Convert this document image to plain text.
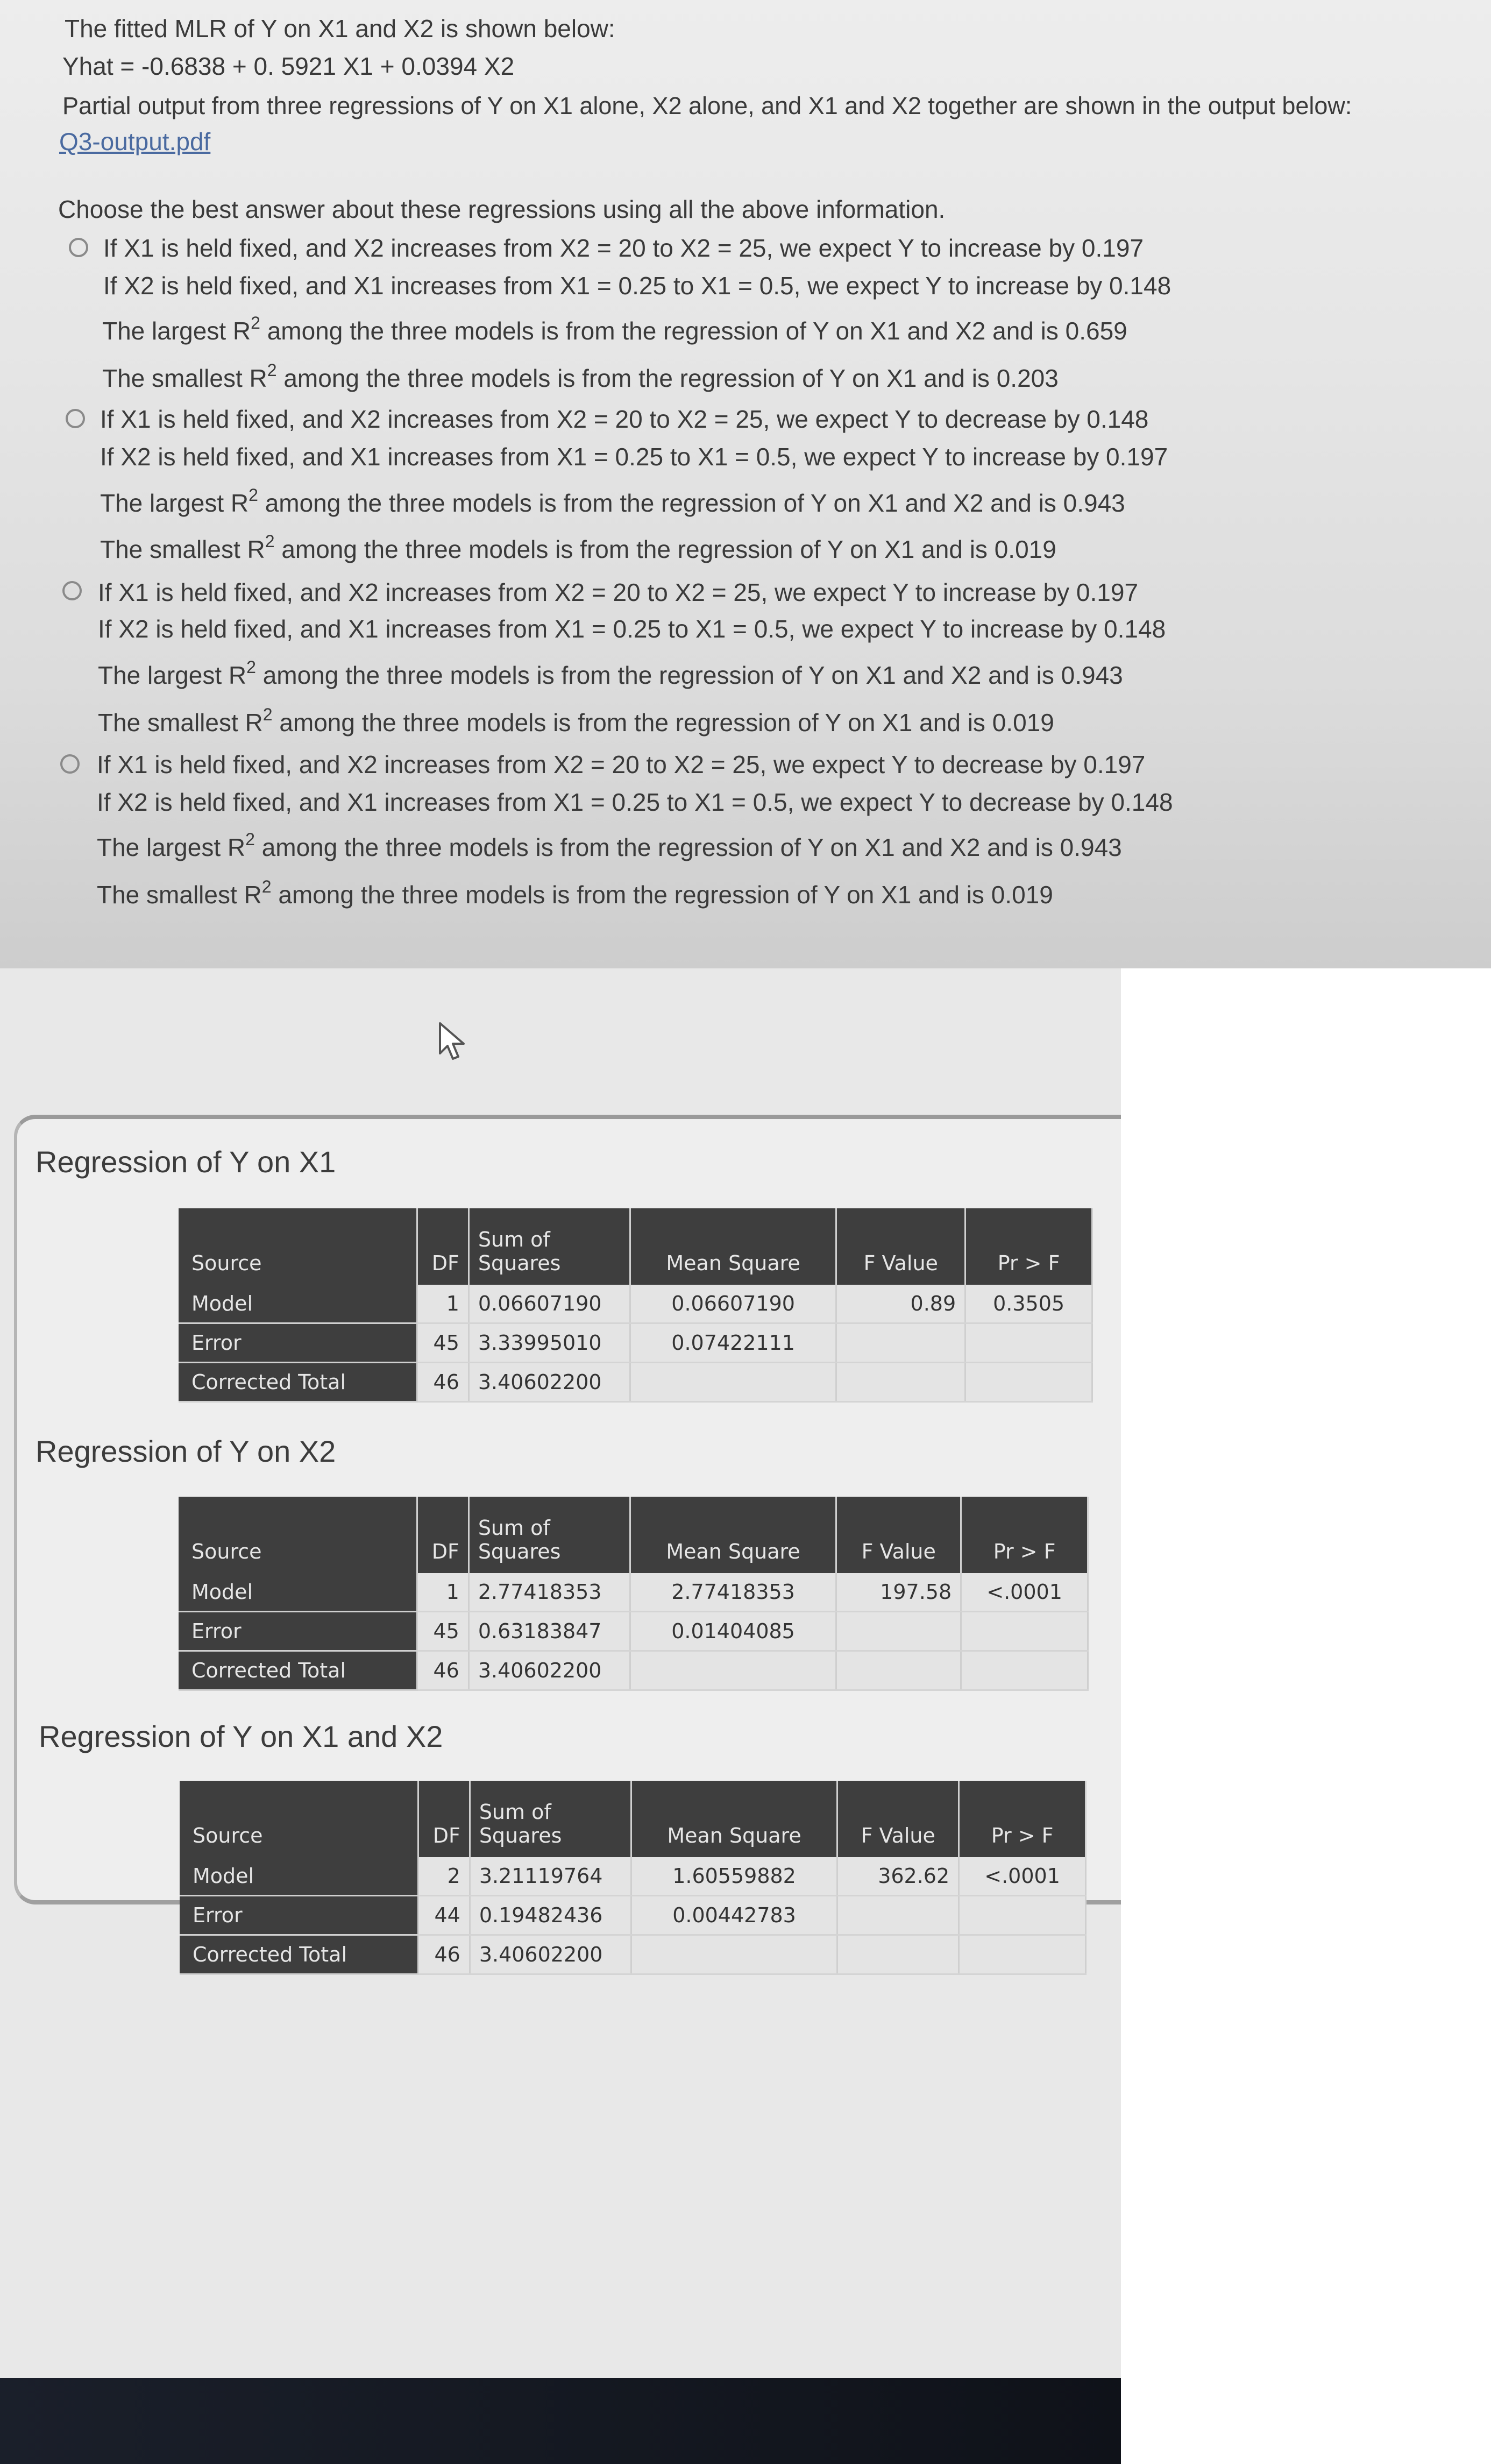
The fitted MLR of Y on X1 and X2 is shown below:
Yhat = -0.6838 + 0. 5921 X1 + 0.0394 X2
Partial output from three regressions of Y on X1 alone, X2 alone, and X1 and X2 together are shown in the output below:
Q3-output.pdf
Choose the best answer about these regressions using all the above information.
If X1 is held fixed, and X2 increases from X2 = 20 to X2 = 25, we expect Y to increase by 0.197
If X2 is held fixed, and X1 increases from X1 = 0.25 to X1 = 0.5, we expect Y to increase by 0.148
The largest $R^2$ among the three models is from the regression of Y on X1 and X2 and is 0.659
The smallest $R^2$ among the three models is from the regression of Y on X1 and is 0.203
If X1 is held fixed, and X2 increases from X2 = 20 to X2 = 25, we expect Y to decrease by 0.148
If X2 is held fixed, and X1 increases from X1 = 0.25 to X1 = 0.5, we expect Y to increase by 0.197
The largest $R^2$ among the three models is from the regression of Y on X1 and X2 and is 0.943
The smallest $R^2$ among the three models is from the regression of Y on X1 and is 0.019
If X1 is held fixed, and X2 increases from X2 = 20 to X2 = 25, we expect Y to increase by 0.197
If X2 is held fixed, and X1 increases from X1 = 0.25 to X1 = 0.5, we expect Y to increase by 0.148
The largest $R^2$ among the three models is from the regression of Y on X1 and X2 and is 0.943
The smallest $R^2$ among the three models is from the regression of Y on X1 and is 0.019
If X1 is held fixed, and X2 increases from X2 = 20 to X2 = 25, we expect Y to decrease by 0.197
If X2 is held fixed, and X1 increases from X1 = 0.25 to X1 = 0.5, we expect Y to decrease by 0.148
The largest $R^2$ among the three models is from the regression of Y on X1 and X2 and is 0.943
The smallest $R^2$ among the three models is from the regression of Y on X1 and is 0.019
Regression of Y on X1
Source	DF	Sum of Squares	Mean Square	F Value	Pr > F
Model	1	0.06607190	0.06607190	0.89	0.3505
Error	45	3.33995010	0.07422111		
Corrected Total	46	3.40602200			
Regression of Y on X2
Source	DF	Sum of Squares	Mean Square	F Value	Pr > F
Model	1	2.77418353	2.77418353	197.58	<.0001
Error	45	0.63183847	0.01404085		
Corrected Total	46	3.40602200			
Regression of Y on X1 and X2
Source	DF	Sum of Squares	Mean Square	F Value	Pr > F
Model	2	3.21119764	1.60559882	362.62	<.0001
Error	44	0.19482436	0.00442783		
Corrected Total	46	3.40602200			
